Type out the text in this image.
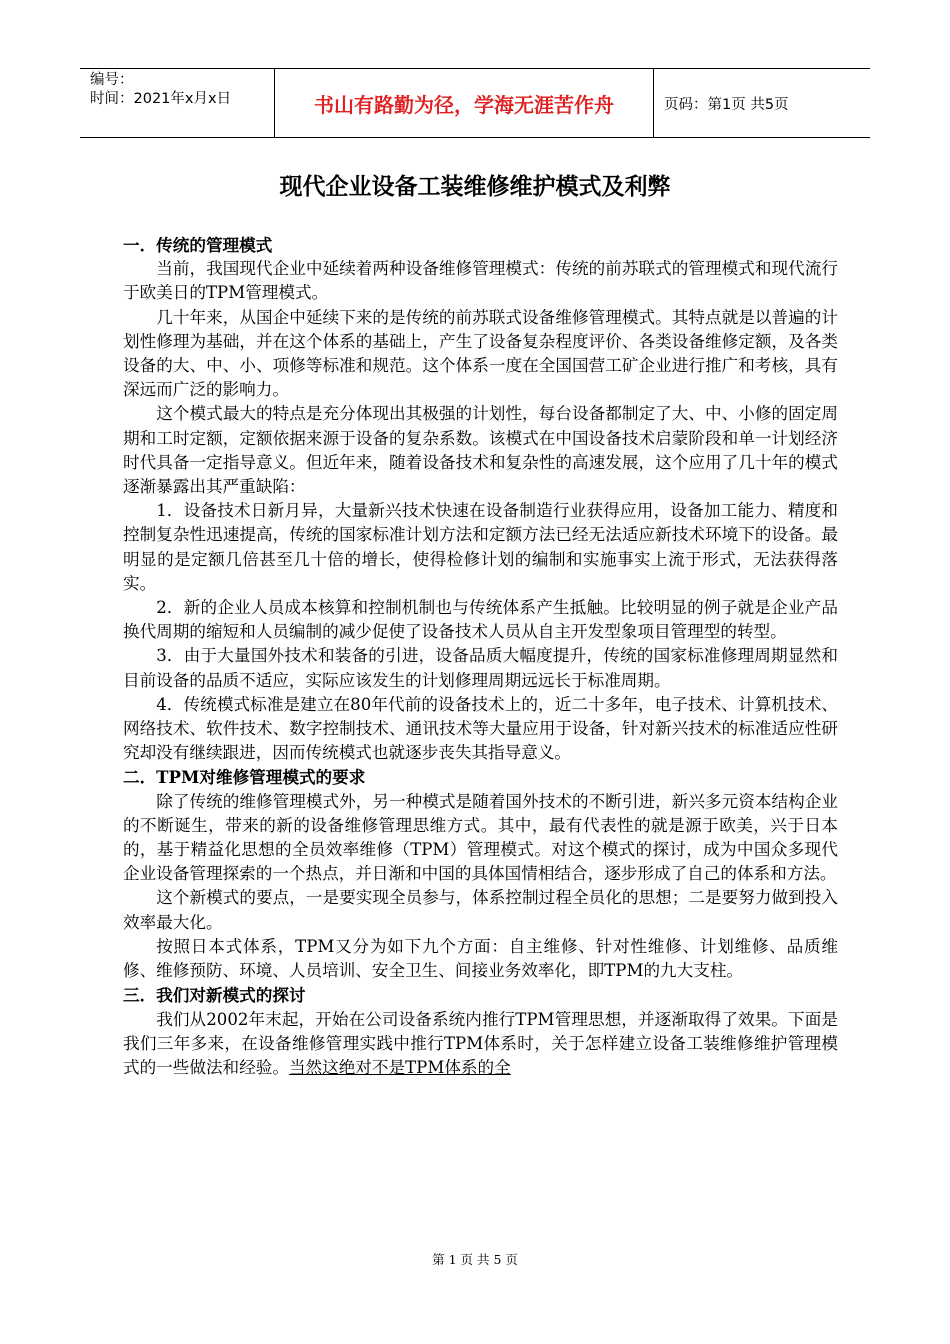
编号：
时间：2021年x月x日	书山有路勤为径，学海无涯苦作舟	页码：第1页 共5页
现代企业设备工装维修维护模式及利弊
一．传统的管理模式

当前，我国现代企业中延续着两种设备维修管理模式：传统的前苏联式的管理模式和现代流行于欧美日的TPM管理模式。

几十年来，从国企中延续下来的是传统的前苏联式设备维修管理模式。其特点就是以普遍的计划性修理为基础，并在这个体系的基础上，产生了设备复杂程度评价、各类设备维修定额，及各类设备的大、中、小、项修等标准和规范。这个体系一度在全国国营工矿企业进行推广和考核，具有深远而广泛的影响力。

这个模式最大的特点是充分体现出其极强的计划性，每台设备都制定了大、中、小修的固定周期和工时定额，定额依据来源于设备的复杂系数。该模式在中国设备技术启蒙阶段和单一计划经济时代具备一定指导意义。但近年来，随着设备技术和复杂性的高速发展，这个应用了几十年的模式逐渐暴露出其严重缺陷：

1．设备技术日新月异，大量新兴技术快速在设备制造行业获得应用，设备加工能力、精度和控制复杂性迅速提高，传统的国家标准计划方法和定额方法已经无法适应新技术环境下的设备。最明显的是定额几倍甚至几十倍的增长，使得检修计划的编制和实施事实上流于形式，无法获得落实。

2．新的企业人员成本核算和控制机制也与传统体系产生抵触。比较明显的例子就是企业产品换代周期的缩短和人员编制的减少促使了设备技术人员从自主开发型象项目管理型的转型。

3．由于大量国外技术和装备的引进，设备品质大幅度提升，传统的国家标准修理周期显然和目前设备的品质不适应，实际应该发生的计划修理周期远远长于标准周期。

4．传统模式标准是建立在80年代前的设备技术上的，近二十多年，电子技术、计算机技术、网络技术、软件技术、数字控制技术、通讯技术等大量应用于设备，针对新兴技术的标准适应性研究却没有继续跟进，因而传统模式也就逐步丧失其指导意义。

二．TPM对维修管理模式的要求

除了传统的维修管理模式外，另一种模式是随着国外技术的不断引进，新兴多元资本结构企业的不断诞生，带来的新的设备维修管理思维方式。其中，最有代表性的就是源于欧美，兴于日本的，基于精益化思想的全员效率维修（TPM）管理模式。对这个模式的探讨，成为中国众多现代企业设备管理探索的一个热点，并日渐和中国的具体国情相结合，逐步形成了自己的体系和方法。

这个新模式的要点，一是要实现全员参与，体系控制过程全员化的思想；二是要努力做到投入效率最大化。

按照日本式体系，TPM又分为如下九个方面：自主维修、针对性维修、计划维修、品质维修、维修预防、环境、人员培训、安全卫生、间接业务效率化，即TPM的九大支柱。

三．我们对新模式的探讨

我们从2002年末起，开始在公司设备系统内推行TPM管理思想，并逐渐取得了效果。下面是我们三年多来，在设备维修管理实践中推行TPM体系时，关于怎样建立设备工装维修维护管理模式的一些做法和经验。当然这绝对不是TPM体系的全

第 1 页 共 5 页
